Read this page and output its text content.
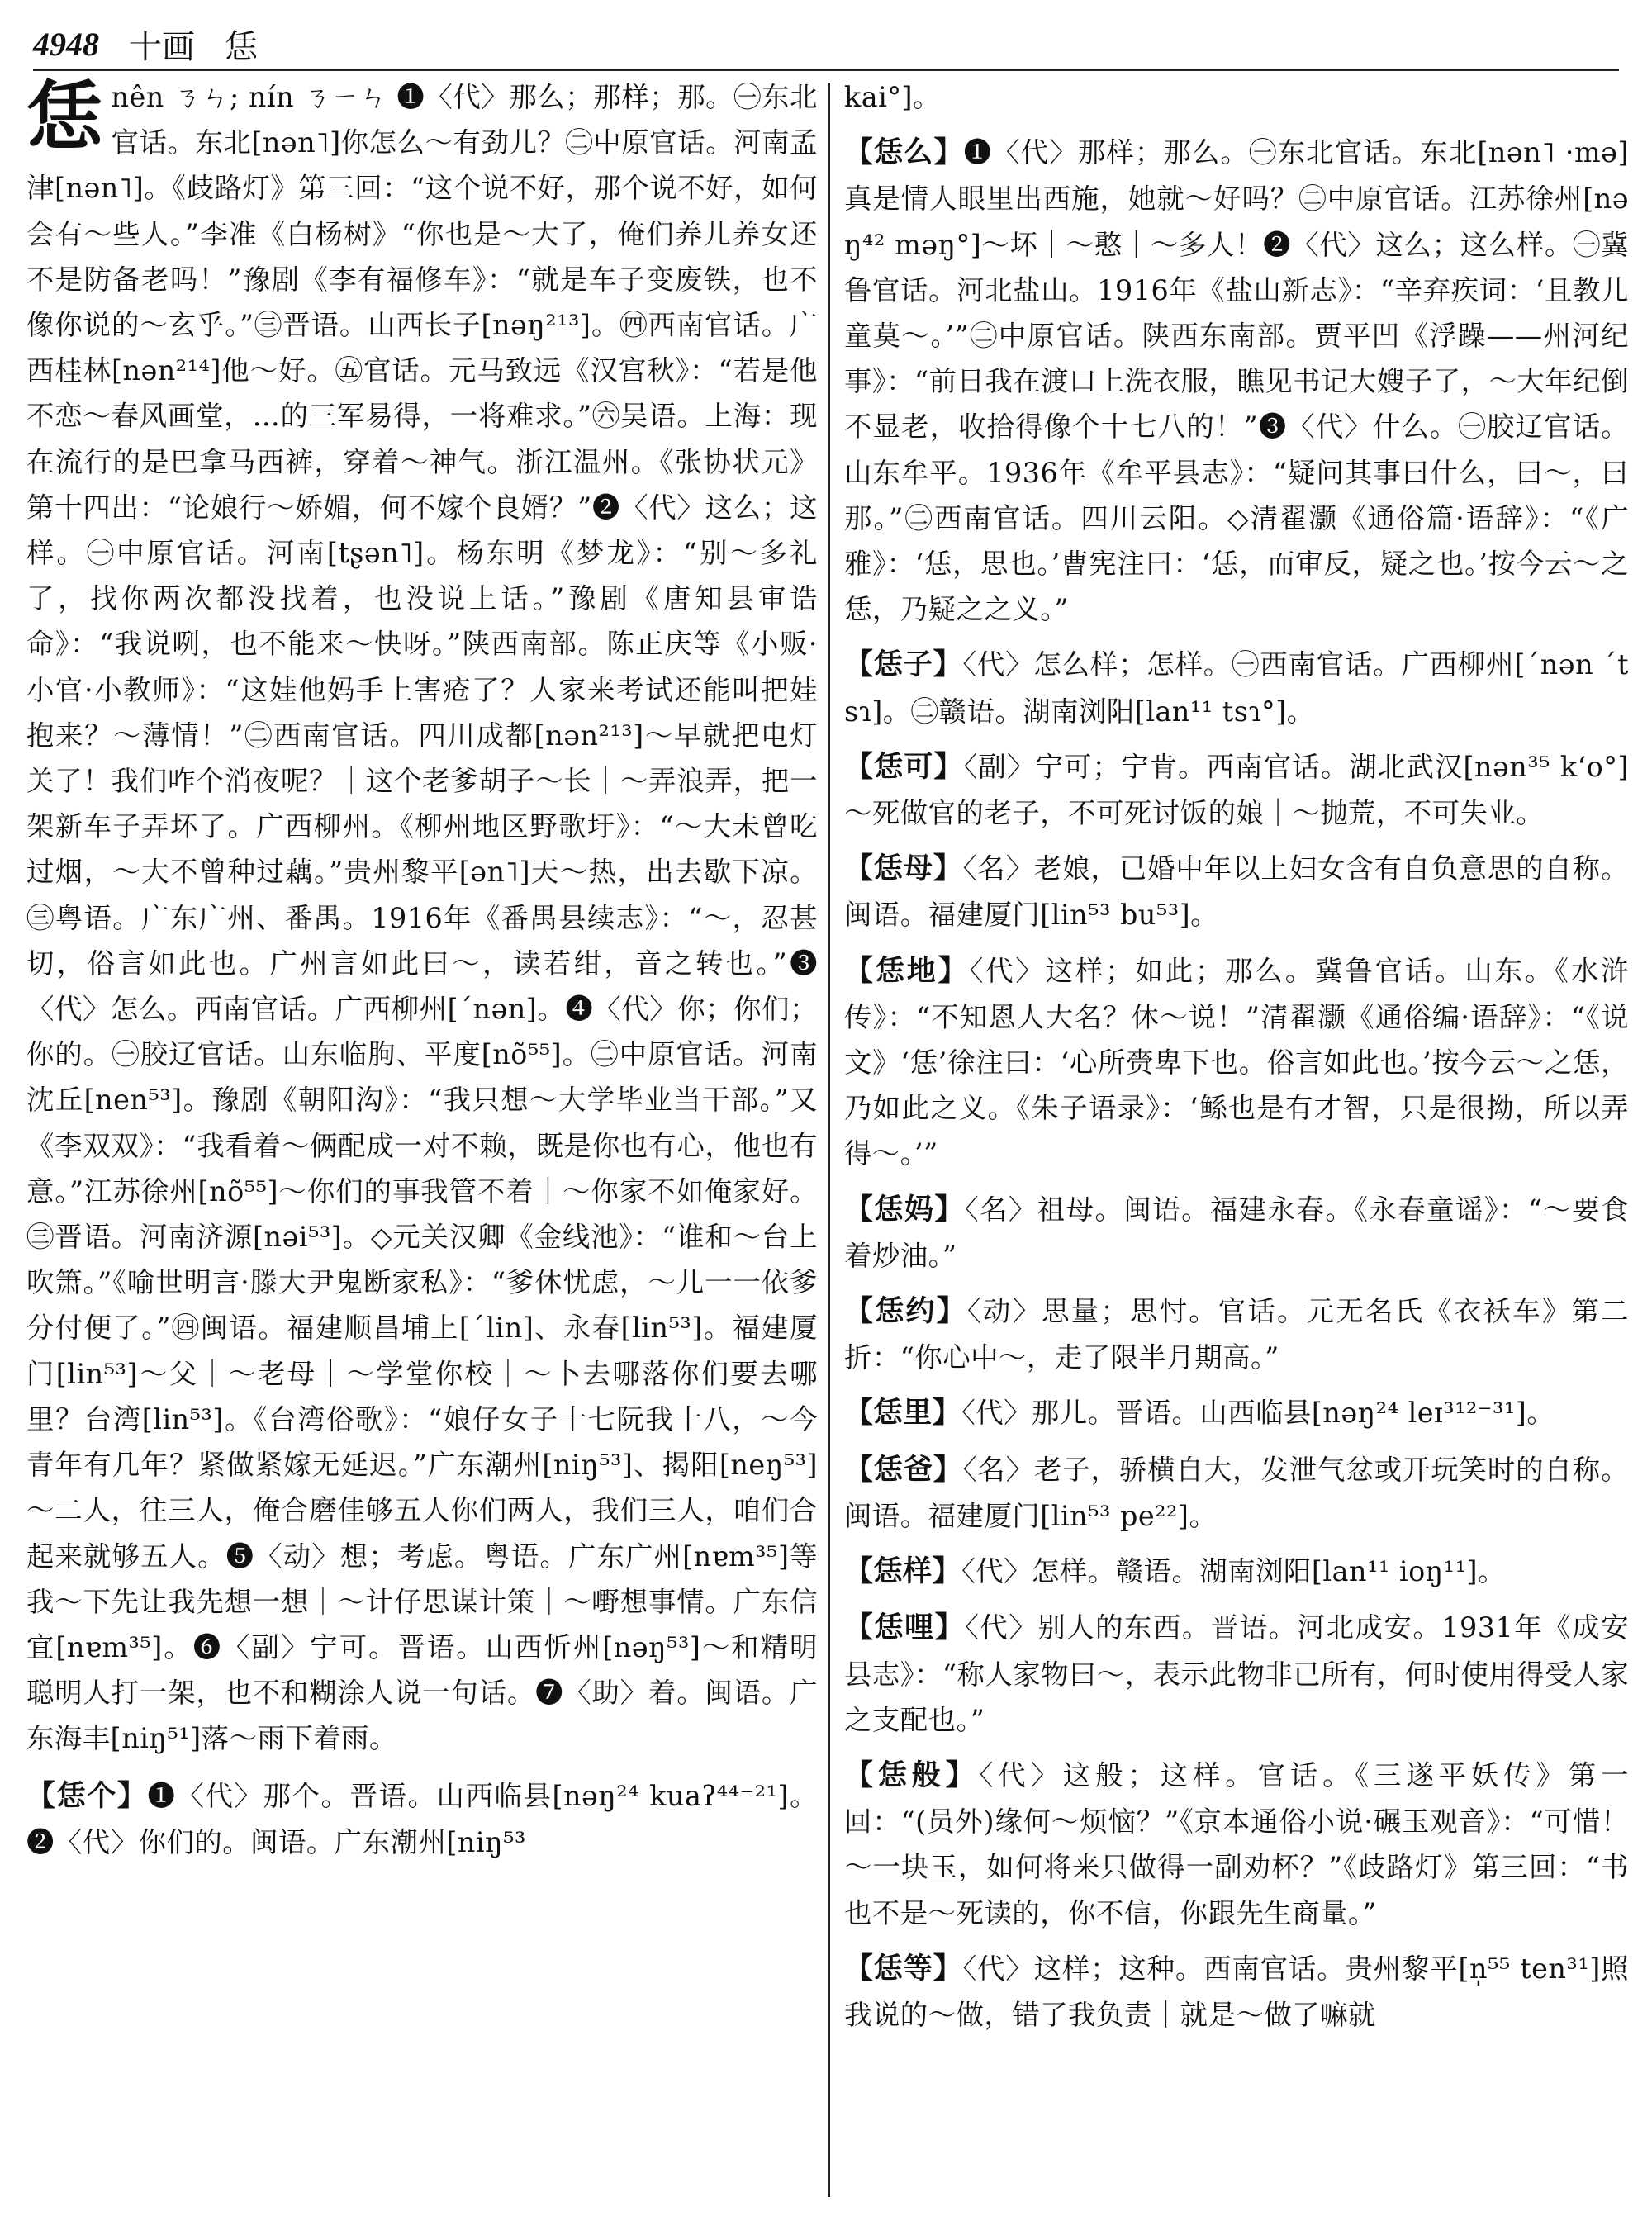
4948 十画 恁
恁 nên ㄋㄣ; nín ㄋㄧㄣ ❶〈代〉那么；那样；那。㊀东北官话。东北[nən˥]你怎么～有劲儿？㊁中原官话。河南孟津[nən˥]。《歧路灯》第三回：“这个说不好，那个说不好，如何会有～些人。”李准《白杨树》“你也是～大了，俺们养儿养女还不是防备老吗！”豫剧《李有福修车》：“就是车子变废铁，也不像你说的～玄乎。”㊂晋语。山西长子[nəŋ²¹³]。㊃西南官话。广西桂林[nən²¹⁴]他～好。㊄官话。元马致远《汉宫秋》：“若是他不恋～春风画堂，…的三军易得，一将难求。”㊅吴语。上海：现在流行的是巴拿马西裤，穿着～神气。浙江温州。《张协状元》第十四出：“论娘行～娇媚，何不嫁个良婿？”❷〈代〉这么；这样。㊀中原官话。河南[tʂən˥]。杨东明《梦龙》：“别～多礼了，找你两次都没找着，也没说上话。”豫剧《唐知县审诰命》：“我说咧，也不能来～快呀。”陕西南部。陈正庆等《小贩·小官·小教师》：“这娃他妈手上害疮了？人家来考试还能叫把娃抱来？～薄情！”㊁西南官话。四川成都[nən²¹³]～早就把电灯关了！我们咋个消夜呢？｜这个老爹胡子～长｜～弄浪弄，把一架新车子弄坏了。广西柳州。《柳州地区野歌圩》：“～大未曾吃过烟，～大不曾种过藕。”贵州黎平[ən˥]天～热，出去歇下凉。㊂粤语。广东广州、番禺。1916年《番禺县续志》：“～，忍甚切，俗言如此也。广州言如此曰～，读若绀，音之转也。”❸〈代〉怎么。西南官话。广西柳州[ˊnən]。❹〈代〉你；你们；你的。㊀胶辽官话。山东临朐、平度[nõ⁵⁵]。㊁中原官话。河南沈丘[nen⁵³]。豫剧《朝阳沟》：“我只想～大学毕业当干部。”又《李双双》：“我看着～俩配成一对不赖，既是你也有心，他也有意。”江苏徐州[nõ⁵⁵]～你们的事我管不着｜～你家不如俺家好。㊂晋语。河南济源[nəi⁵³]。◇元关汉卿《金线池》：“谁和～台上吹箫。”《喻世明言·滕大尹鬼断家私》：“爹休忧虑，～儿一一依爹分付便了。”㊃闽语。福建顺昌埔上[ˊlin]、永春[lin⁵³]。福建厦门[lin⁵³]～父｜～老母｜～学堂你校｜～卜去哪落你们要去哪里？台湾[lin⁵³]。《台湾俗歌》：“娘仔女子十七阮我十八，～今青年有几年？紧做紧嫁无延迟。”广东潮州[niŋ⁵³]、揭阳[neŋ⁵³]～二人，往三人，俺合磨佳够五人你们两人，我们三人，咱们合起来就够五人。❺〈动〉想；考虑。粤语。广东广州[nɐm³⁵]等我～下先让我先想一想｜～计仔思谋计策｜～嘢想事情。广东信宜[nɐm³⁵]。❻〈副〉宁可。晋语。山西忻州[nəŋ⁵³]～和精明聪明人打一架，也不和糊涂人说一句话。❼〈助〉着。闽语。广东海丰[niŋ⁵¹]落～雨下着雨。
【恁个】❶〈代〉那个。晋语。山西临县[nəŋ²⁴ kuaʔ⁴⁴⁻²¹]。❷〈代〉你们的。闽语。广东潮州[niŋ⁵³
kai°]。
【恁么】❶〈代〉那样；那么。㊀东北官话。东北[nən˥ ·mə]真是情人眼里出西施，她就～好吗？㊁中原官话。江苏徐州[nəŋ⁴² məŋ°]～坏｜～憨｜～多人！❷〈代〉这么；这么样。㊀冀鲁官话。河北盐山。1916年《盐山新志》：“辛弃疾词：‘且教儿童莫～。’”㊁中原官话。陕西东南部。贾平凹《浮躁——州河纪事》：“前日我在渡口上洗衣服，瞧见书记大嫂子了，～大年纪倒不显老，收拾得像个十七八的！”❸〈代〉什么。㊀胶辽官话。山东牟平。1936年《牟平县志》：“疑问其事曰什么，曰～，曰那。”㊁西南官话。四川云阳。◇清翟灏《通俗篇·语辞》：“《广雅》：‘恁，思也。’曹宪注曰：‘恁，而审反，疑之也。’按今云～之恁，乃疑之之义。”
【恁子】〈代〉怎么样；怎样。㊀西南官话。广西柳州[ˊnən ˊtsɿ]。㊁赣语。湖南浏阳[lan¹¹ tsɿ°]。
【恁可】〈副〉宁可；宁肯。西南官话。湖北武汉[nən³⁵ k‘o°]～死做官的老子，不可死讨饭的娘｜～抛荒，不可失业。
【恁母】〈名〉老娘，已婚中年以上妇女含有自负意思的自称。闽语。福建厦门[lin⁵³ bu⁵³]。
【恁地】〈代〉这样；如此；那么。冀鲁官话。山东。《水浒传》：“不知恩人大名？休～说！”清翟灏《通俗编·语辞》：“《说文》‘恁’徐注曰：‘心所赍卑下也。俗言如此也。’按今云～之恁，乃如此之义。《朱子语录》：‘鲧也是有才智，只是很拗，所以弄得～。’”
【恁妈】〈名〉祖母。闽语。福建永春。《永春童谣》：“～要食着炒油。”
【恁约】〈动〉思量；思忖。官话。元无名氏《衣袄车》第二折：“你心中～，走了限半月期高。”
【恁里】〈代〉那儿。晋语。山西临县[nəŋ²⁴ leɪ³¹²⁻³¹]。
【恁爸】〈名〉老子，骄横自大，发泄气忿或开玩笑时的自称。闽语。福建厦门[lin⁵³ pe²²]。
【恁样】〈代〉怎样。赣语。湖南浏阳[lan¹¹ ioŋ¹¹]。
【恁哩】〈代〉别人的东西。晋语。河北成安。1931年《成安县志》：“称人家物曰～，表示此物非已所有，何时使用得受人家之支配也。”
【恁般】〈代〉这般；这样。官话。《三遂平妖传》第一回：“(员外)缘何～烦恼？”《京本通俗小说·碾玉观音》：“可惜！～一块玉，如何将来只做得一副劝杯？”《歧路灯》第三回：“书也不是～死读的，你不信，你跟先生商量。”
【恁等】〈代〉这样；这种。西南官话。贵州黎平[n̩⁵⁵ ten³¹]照我说的～做，错了我负责｜就是～做了嘛就
